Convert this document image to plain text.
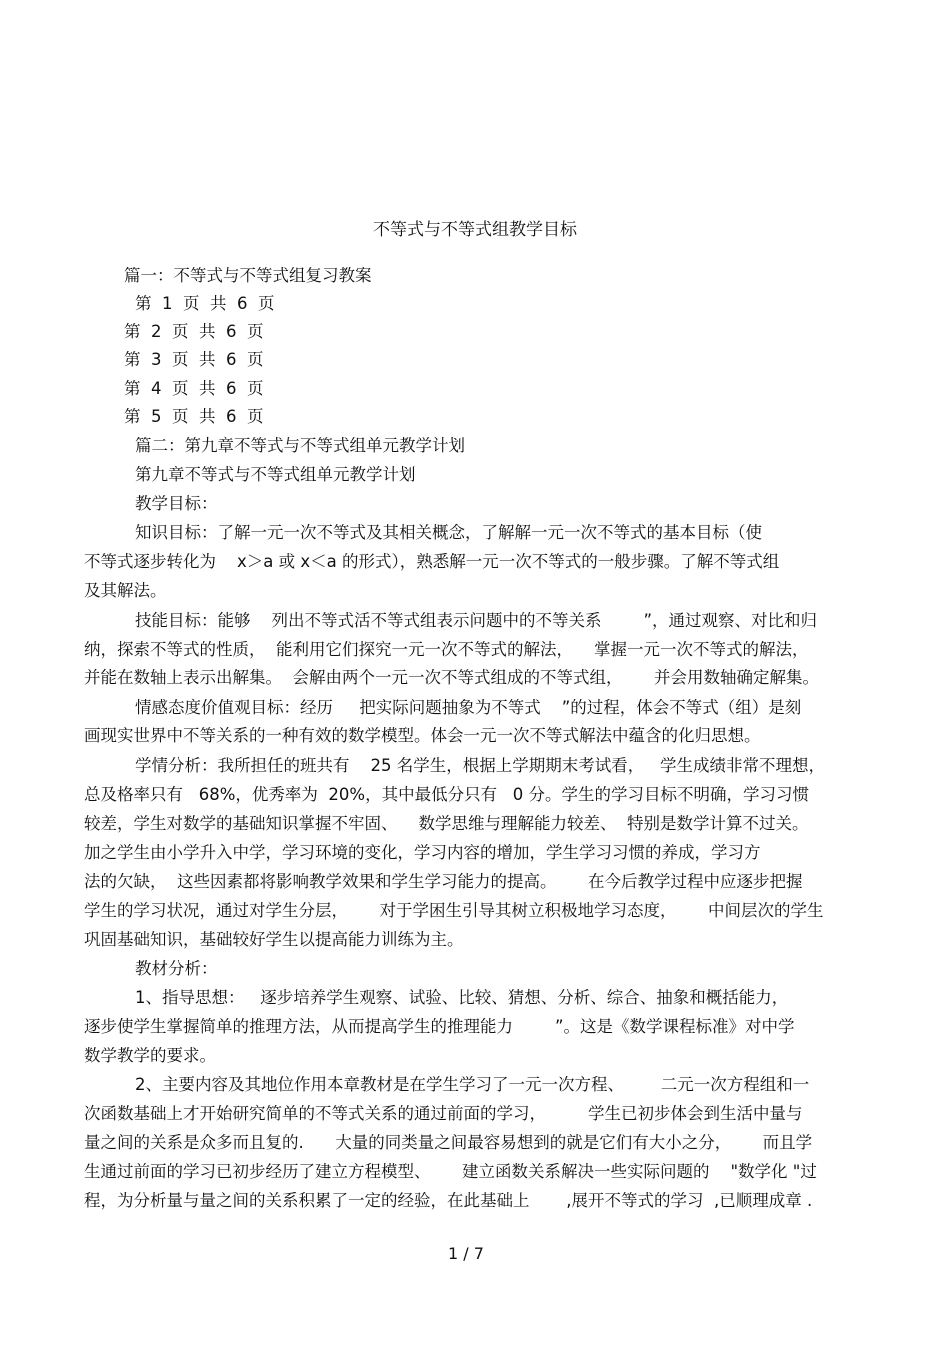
不等式与不等式组教学目标

篇一：不等式与不等式组复习教案

第  1  页  共  6  页

第  2  页  共  6  页

第  3  页  共  6  页

第  4  页  共  6  页

第  5  页  共  6  页

篇二：第九章不等式与不等式组单元教学计划

第九章不等式与不等式组单元教学计划

教学目标：

知识目标：了解一元一次不等式及其相关概念，了解解一元一次不等式的基本目标（使

不等式逐步转化为    x＞a 或 x＜a 的形式），熟悉解一元一次不等式的一般步骤。了解不等式组

及其解法。

技能目标：能够    列出不等式活不等式组表示问题中的不等关系        ”，通过观察、对比和归

纳，探索不等式的性质，  能利用它们探究一元一次不等式的解法，    掌握一元一次不等式的解法，

并能在数轴上表示出解集。  会解由两个一元一次不等式组成的不等式组，      并会用数轴确定解集。

情感态度价值观目标：经历     把实际问题抽象为不等式    ”的过程，体会不等式（组）是刻

画现实世界中不等关系的一种有效的数学模型。体会一元一次不等式解法中蕴含的化归思想。

学情分析：我所担任的班共有    25 名学生，根据上学期期末考试看，   学生成绩非常不理想，

总及格率只有   68%，优秀率为  20%，其中最低分只有   0 分。学生的学习目标不明确，学习习惯

较差，学生对数学的基础知识掌握不牢固、    数学思维与理解能力较差、  特别是数学计算不过关。

加之学生由小学升入中学，学习环境的变化，学习内容的增加，学生学习习惯的养成，学习方

法的欠缺，  这些因素都将影响教学效果和学生学习能力的提高。      在今后教学过程中应逐步把握

学生的学习状况，通过对学生分层，      对于学困生引导其树立积极地学习态度，      中间层次的学生

巩固基础知识，基础较好学生以提高能力训练为主。

教材分析：

1、指导思想：   逐步培养学生观察、试验、比较、猜想、分析、综合、抽象和概括能力，

逐步使学生掌握简单的推理方法，从而提高学生的推理能力        ”。这是《数学课程标准》对中学

数学教学的要求。

2、主要内容及其地位作用本章教材是在学生学习了一元一次方程、       二元一次方程组和一

次函数基础上才开始研究简单的不等式关系的通过前面的学习，        学生已初步体会到生活中量与

量之间的关系是众多而且复的.      大量的同类量之间最容易想到的就是它们有大小之分，      而且学

生通过前面的学习已初步经历了建立方程模型、      建立函数关系解决一些实际问题的    "数学化 "过

程，为分析量与量之间的关系积累了一定的经验，在此基础上       ,展开不等式的学习  ,已顺理成章 .

1 / 7
